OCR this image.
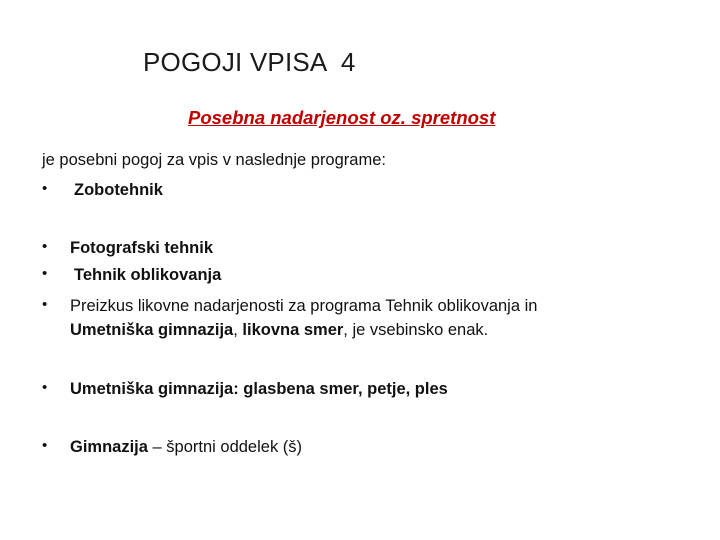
POGOJI VPISA  4
Posebna nadarjenost oz. spretnost
je posebni pogoj za vpis v naslednje programe:
•	Zobotehnik
•	Fotografski tehnik
•	Tehnik oblikovanja
•	Preizkus likovne nadarjenosti za programa Tehnik oblikovanja in
Umetniška gimnazija, likovna smer, je vsebinsko enak.
•	Umetniška gimnazija: glasbena smer, petje, ples
•	Gimnazija – športni oddelek (š)
